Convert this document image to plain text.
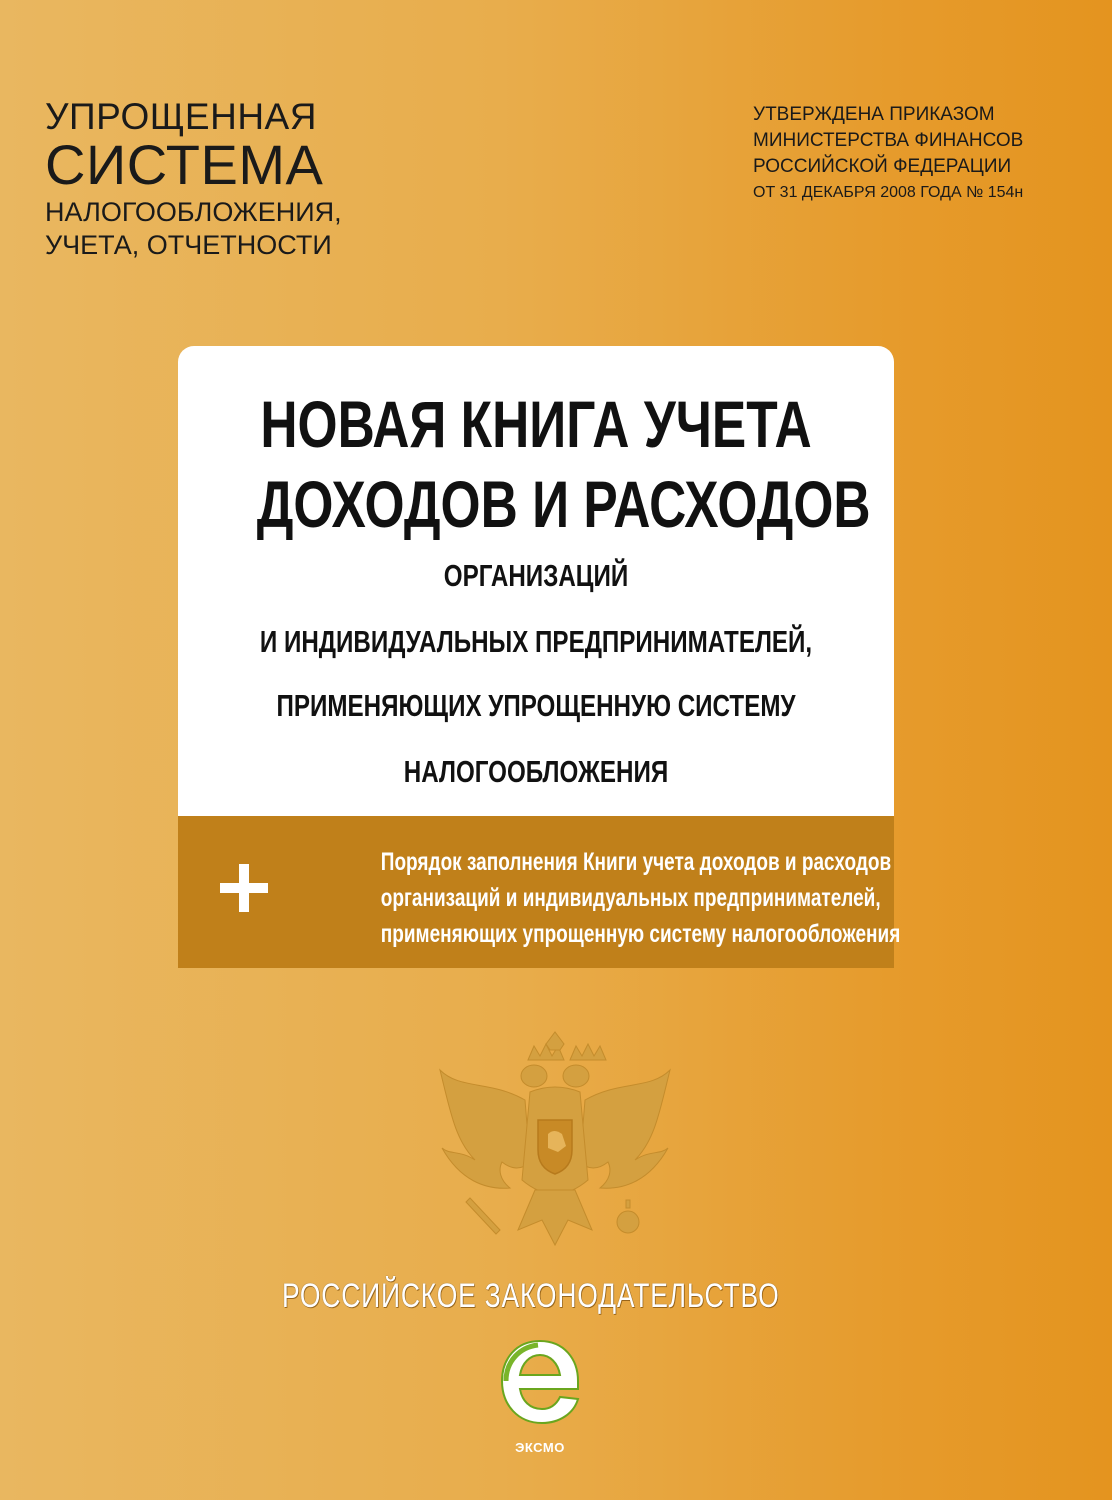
УПРОЩЕННАЯ
СИСТЕМА
НАЛОГООБЛОЖЕНИЯ,
УЧЕТА, ОТЧЕТНОСТИ
УТВЕРЖДЕНА ПРИКАЗОМ
МИНИСТЕРСТВА ФИНАНСОВ
РОССИЙСКОЙ ФЕДЕРАЦИИ
ОТ 31 ДЕКАБРЯ 2008 ГОДА № 154н
НОВАЯ КНИГА УЧЕТА
ДОХОДОВ И РАСХОДОВ
ОРГАНИЗАЦИЙ
И ИНДИВИДУАЛЬНЫХ ПРЕДПРИНИМАТЕЛЕЙ,
ПРИМЕНЯЮЩИХ УПРОЩЕННУЮ СИСТЕМУ
НАЛОГООБЛОЖЕНИЯ
Порядок заполнения Книги учета доходов и расходов
организаций и индивидуальных предпринимателей,
применяющих упрощенную систему налогообложения
РОССИЙСКОЕ ЗАКОНОДАТЕЛЬСТВО
ЭКСМО
